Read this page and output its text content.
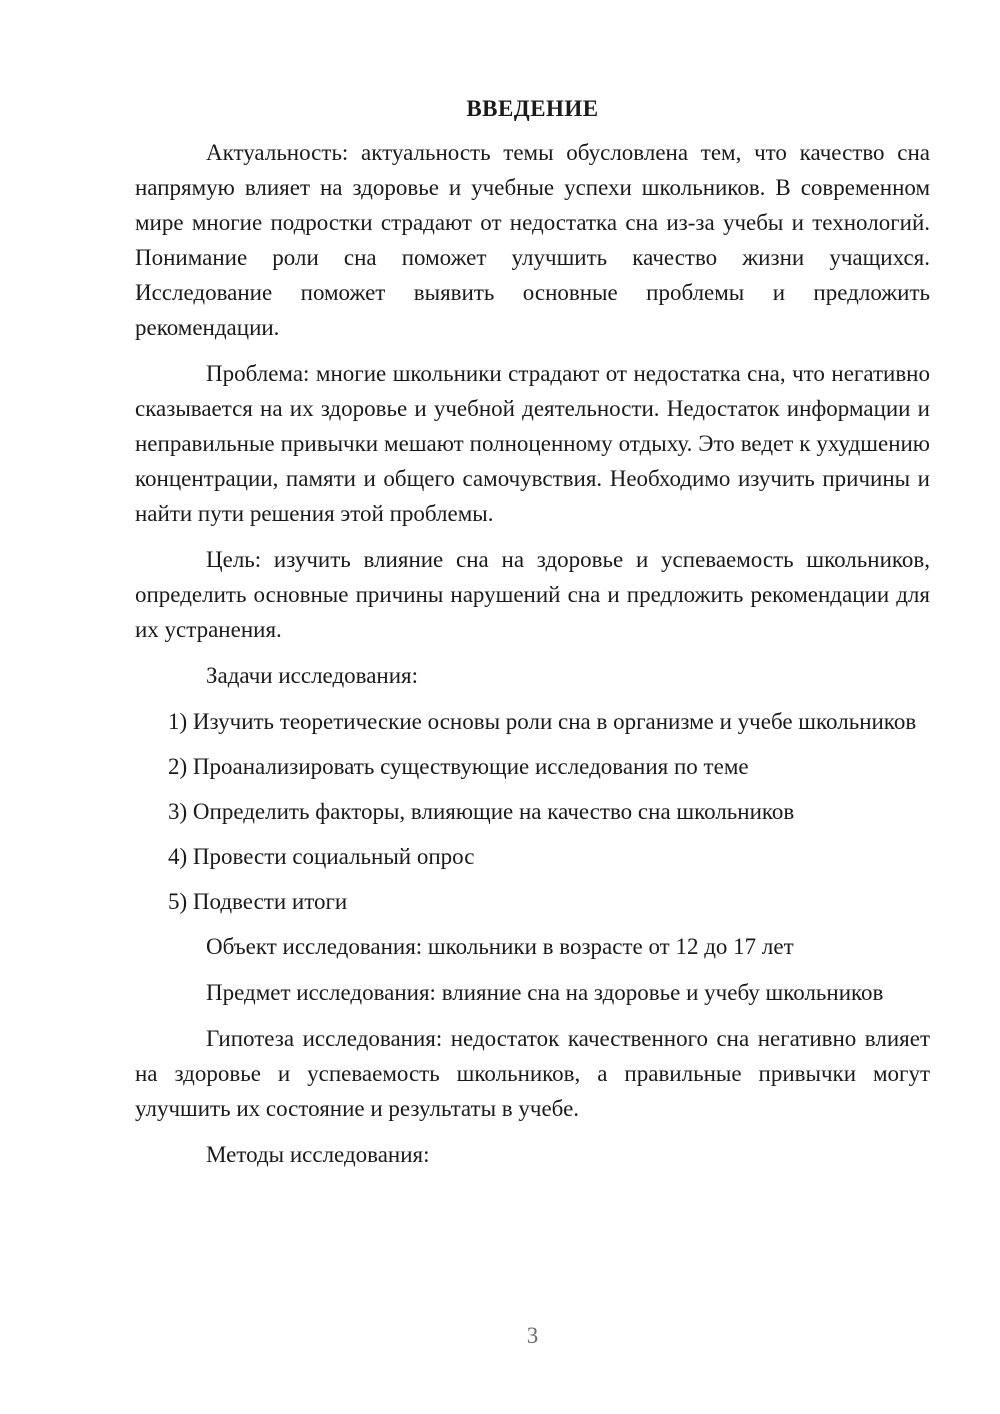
ВВЕДЕНИЕ

Актуальность: актуальность темы обусловлена тем, что качество сна напрямую влияет на здоровье и учебные успехи школьников. В современном мире многие подростки страдают от недостатка сна из-за учебы и технологий. Понимание роли сна поможет улучшить качество жизни учащихся. Исследование поможет выявить основные проблемы и предложить рекомендации.

Проблема: многие школьники страдают от недостатка сна, что негативно сказывается на их здоровье и учебной деятельности. Недостаток информации и неправильные привычки мешают полноценному отдыху. Это ведет к ухудшению концентрации, памяти и общего самочувствия. Необходимо изучить причины и найти пути решения этой проблемы.

Цель: изучить влияние сна на здоровье и успеваемость школьников, определить основные причины нарушений сна и предложить рекомендации для их устранения.

Задачи исследования:

1) Изучить теоретические основы роли сна в организме и учебе школьников
2) Проанализировать существующие исследования по теме
3) Определить факторы, влияющие на качество сна школьников
4) Провести социальный опрос
5) Подвести итоги

Объект исследования: школьники в возрасте от 12 до 17 лет

Предмет исследования: влияние сна на здоровье и учебу школьников

Гипотеза исследования: недостаток качественного сна негативно влияет на здоровье и успеваемость школьников, а правильные привычки могут улучшить их состояние и результаты в учебе.

Методы исследования:

3
